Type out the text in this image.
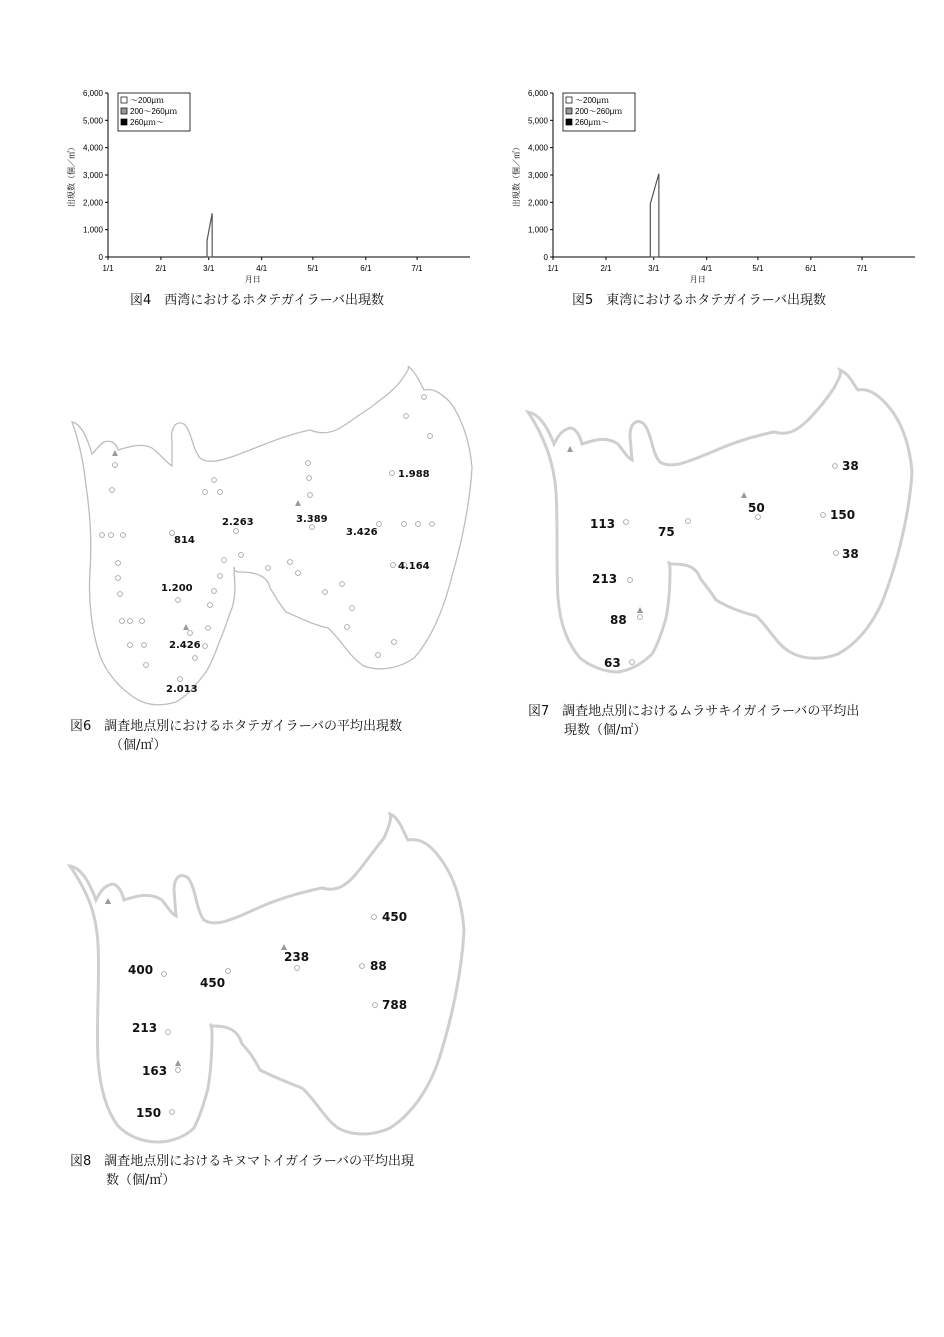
0
1,000
2,000
3,000
4,000
5,000
6,000
1/1	2/1	3/1	4/1	5/1	6/1	7/1
月日
出現数（個／㎥）
～200μｍ
200～260μｍ
260μｍ～
図4　西湾におけるホタテガイラーバ出現数
0
1,000
2,000
3,000
4,000
5,000
6,000
1/1	2/1	3/1	4/1	5/1	6/1	7/1
月日
出現数（個／㎥）
～200μｍ
200～260μｍ
260μｍ～
図5　東湾におけるホタテガイラーバ出現数
1.988
2.263	3.389
3.426
814
4.164
1.200
2.426
2.013
図6　調査地点別におけるホタテガイラーバの平均出現数
（個/㎡）
38
50
113
75
150
38
213
88
63
図7　調査地点別におけるムラサキイガイラーバの平均出
現数（個/㎡）
450
238
400
450
88
788
213
163
150
図8　調査地点別におけるキヌマトイガイラーバの平均出現
数（個/㎡）
